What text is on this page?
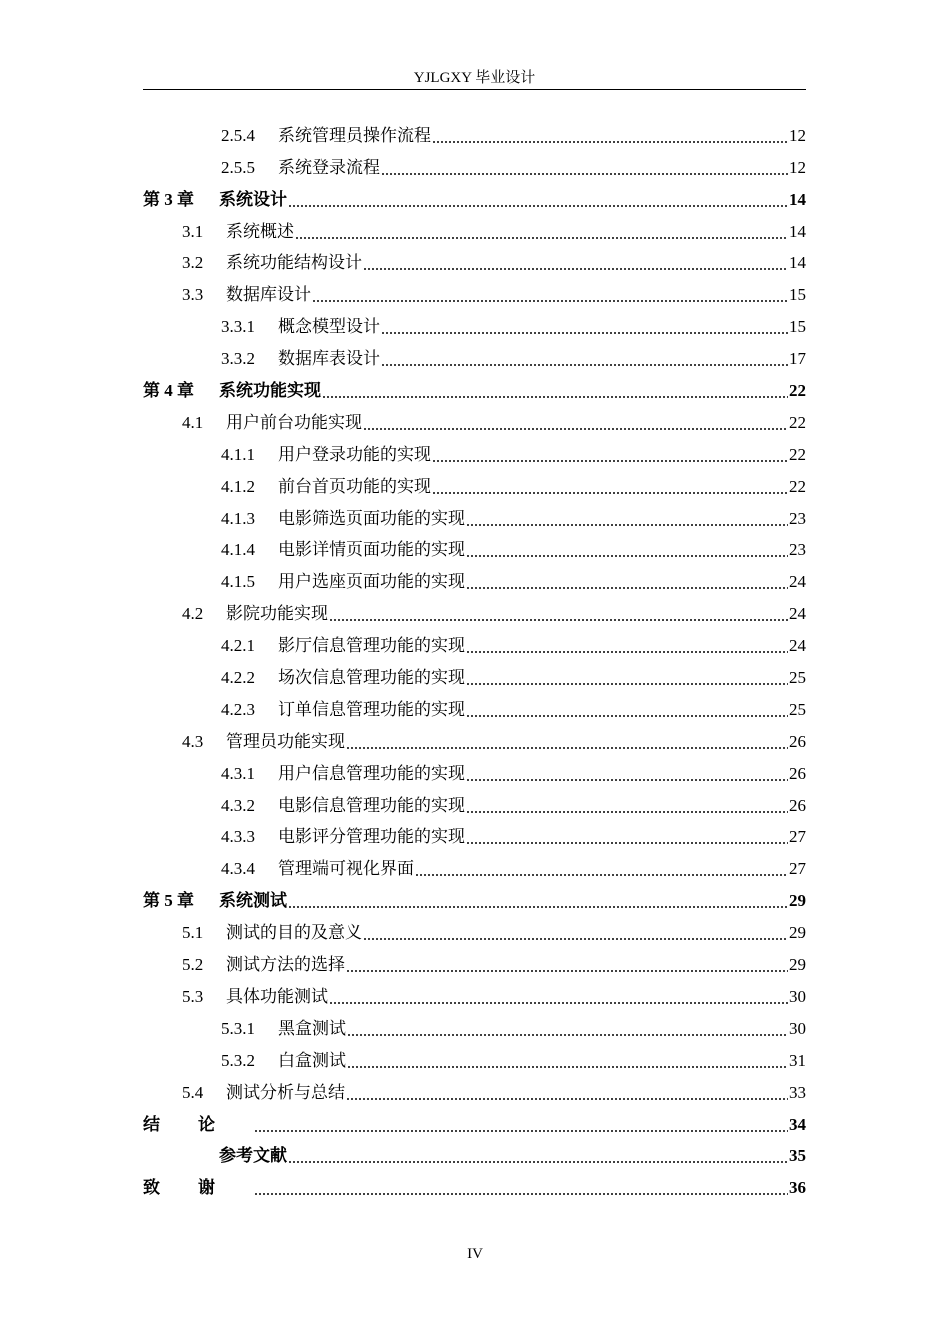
YJLGXY 毕业设计
2.5.4	系统管理员操作流程	12
2.5.5	系统登录流程	12
第 3 章	系统设计	14
3.1	系统概述	14
3.2	系统功能结构设计	14
3.3	数据库设计	15
3.3.1	概念模型设计	15
3.3.2	数据库表设计	17
第 4 章	系统功能实现	22
4.1	用户前台功能实现	22
4.1.1	用户登录功能的实现	22
4.1.2	前台首页功能的实现	22
4.1.3	电影筛选页面功能的实现	23
4.1.4	电影详情页面功能的实现	23
4.1.5	用户选座页面功能的实现	24
4.2	影院功能实现	24
4.2.1	影厅信息管理功能的实现	24
4.2.2	场次信息管理功能的实现	25
4.2.3	订单信息管理功能的实现	25
4.3	管理员功能实现	26
4.3.1	用户信息管理功能的实现	26
4.3.2	电影信息管理功能的实现	26
4.3.3	电影评分管理功能的实现	27
4.3.4	管理端可视化界面	27
第 5 章	系统测试	29
5.1	测试的目的及意义	29
5.2	测试方法的选择	29
5.3	具体功能测试	30
5.3.1	黑盒测试	30
5.3.2	白盒测试	31
5.4	测试分析与总结	33
结论	34
参考文献	35
致谢	36
IV
